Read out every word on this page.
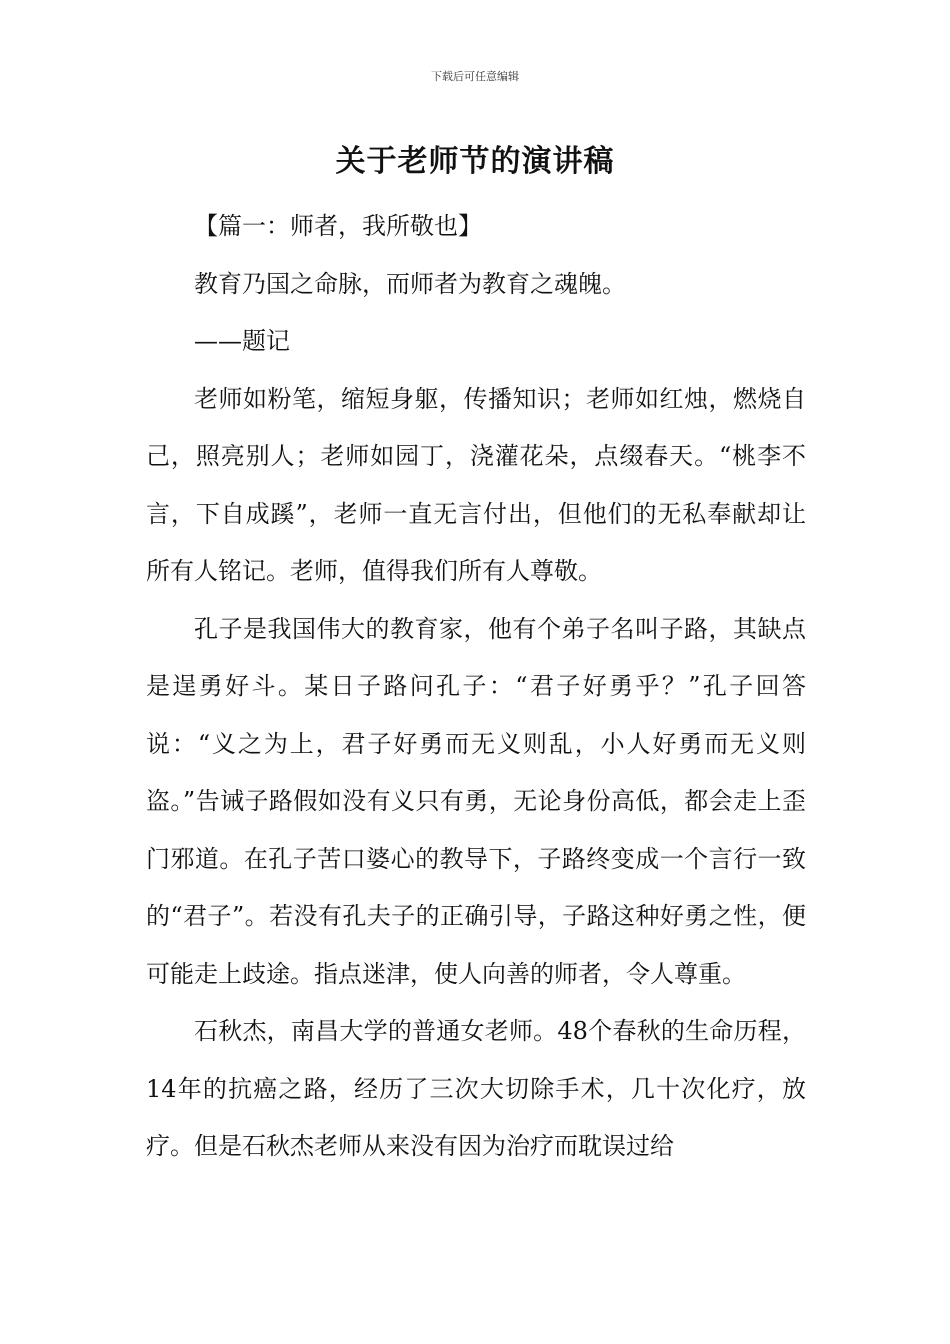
下载后可任意编辑
关于老师节的演讲稿

【篇一：师者，我所敬也】

教育乃国之命脉，而师者为教育之魂魄。

——题记

老师如粉笔，缩短身躯，传播知识；老师如红烛，燃烧自己，照亮别人；老师如园丁，浇灌花朵，点缀春天。“桃李不言，下自成蹊”，老师一直无言付出，但他们的无私奉献却让所有人铭记。老师，值得我们所有人尊敬。

孔子是我国伟大的教育家，他有个弟子名叫子路，其缺点是逞勇好斗。某日子路问孔子：“君子好勇乎？”孔子回答说：“义之为上，君子好勇而无义则乱，小人好勇而无义则盗。”告诫子路假如没有义只有勇，无论身份高低，都会走上歪门邪道。在孔子苦口婆心的教导下，子路终变成一个言行一致的“君子”。若没有孔夫子的正确引导，子路这种好勇之性，便可能走上歧途。指点迷津，使人向善的师者，令人尊重。

石秋杰，南昌大学的普通女老师。48个春秋的生命历程，14年的抗癌之路，经历了三次大切除手术，几十次化疗，放疗。但是石秋杰老师从来没有因为治疗而耽误过给
